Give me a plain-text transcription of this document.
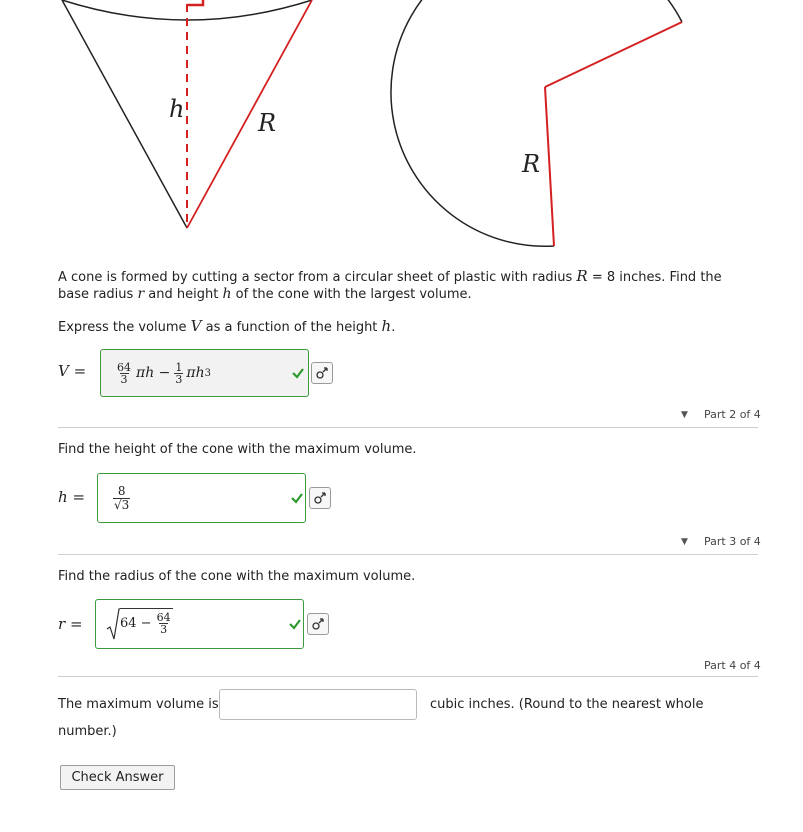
h	R
R
A cone is formed by cutting a sector from a circular sheet of plastic with radius R = 8 inches. Find the
base radius r and height h of the cone with the largest volume.
Express the volume V as a function of the height h.
V =	$\frac{64}{3}$ $\pi h - \frac{1}{3}$ πh 3
▼ Part 2 of 4
Find the height of the cone with the maximum volume.
$h = \frac{8}{√3}$
▼ Part 3 of 4
Find the radius of the cone with the maximum volume.
r =	$64 - \frac{64}{3}$
Part 4 of 4
The maximum volume is	cubic inches. (Round to the nearest whole
number.)
Check Answer
